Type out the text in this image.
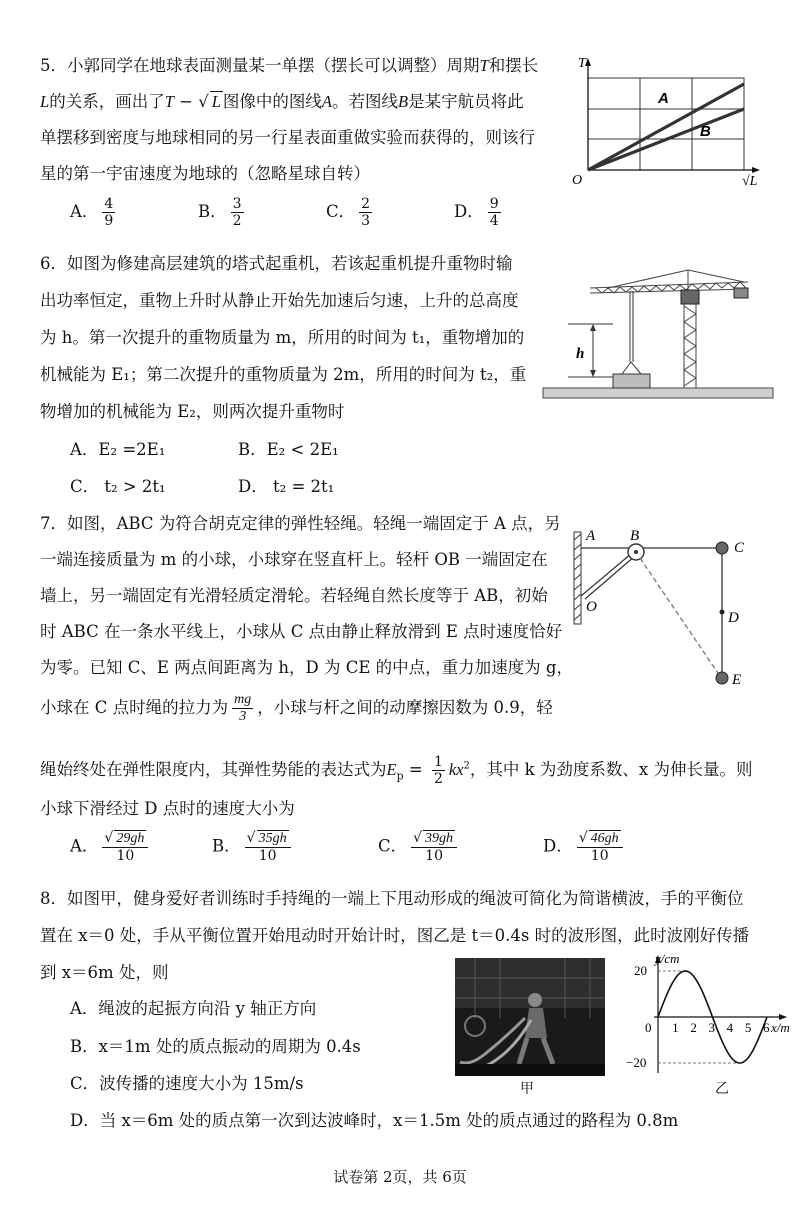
5．小郭同学在地球表面测量某一单摆（摆长可以调整）周期T和摆长
L的关系，画出了T − √ L 图像中的图线A。若图线B是某宇航员将此
单摆移到密度与地球相同的另一行星表面重做实验而获得的，则该行
星的第一宇宙速度为地球的（忽略星球自转）
A． $\frac{4}{9}$	B． $\frac{3}{2}$	C． $\frac{2}{3}$	D． $\frac{9}{4}$
T
√L
O
A
B
6．如图为修建高层建筑的塔式起重机，若该起重机提升重物时输
出功率恒定，重物上升时从静止开始先加速后匀速，上升的总高度
为 h。第一次提升的重物质量为 m，所用的时间为 t₁，重物增加的
机械能为 E₁；第二次提升的重物质量为 2m，所用的时间为 t₂，重
物增加的机械能为 E₂，则两次提升重物时
A．E₂ =2E₁	B．E₂ < 2E₁
C． t₂ > 2t₁	D． t₂ = 2t₁
h
7．如图，ABC 为符合胡克定律的弹性轻绳。轻绳一端固定于 A 点，另
一端连接质量为 m 的小球，小球穿在竖直杆上。轻杆 OB 一端固定在
墙上，另一端固定有光滑轻质定滑轮。若轻绳自然长度等于 AB，初始
时 ABC 在一条水平线上，小球从 C 点由静止释放滑到 E 点时速度恰好
为零。已知 C、E 两点间距离为 h，D 为 CE 的中点，重力加速度为 g，
小球在 C 点时绳的拉力为 $\frac{mg}{3}$ ，小球与杆之间的动摩擦因数为 0.9，轻
绳始终处在弹性限度内，其弹性势能的表达式为$E_p = \frac{1}{2} kx^2$，其中 k 为劲度系数、x 为伸长量。则
小球下滑经过 D 点时的速度大小为
A． $\frac{√ 29gh}{10}$	B． $\frac{√ 35gh}{10}$	C． $\frac{√ 39gh}{10}$	D． $\frac{√ 46gh}{10}$
A B
C
D
E
O
8．如图甲，健身爱好者训练时手持绳的一端上下甩动形成的绳波可简化为简谐横波，手的平衡位
置在 x＝0 处，手从平衡位置开始甩动时开始计时，图乙是 t＝0.4s 时的波形图，此时波刚好传播
到 x＝6m 处，则
A．绳波的起振方向沿 y 轴正方向
B．x＝1m 处的质点振动的周期为 0.4s
C．波传播的速度大小为 15m/s
D．当 x＝6m 处的质点第一次到达波峰时，x＝1.5m 处的质点通过的路程为 0.8m
甲
1 2 3 4 5 6
y/cm
x/m
0
20
−20
乙
试卷第 2页，共 6页
